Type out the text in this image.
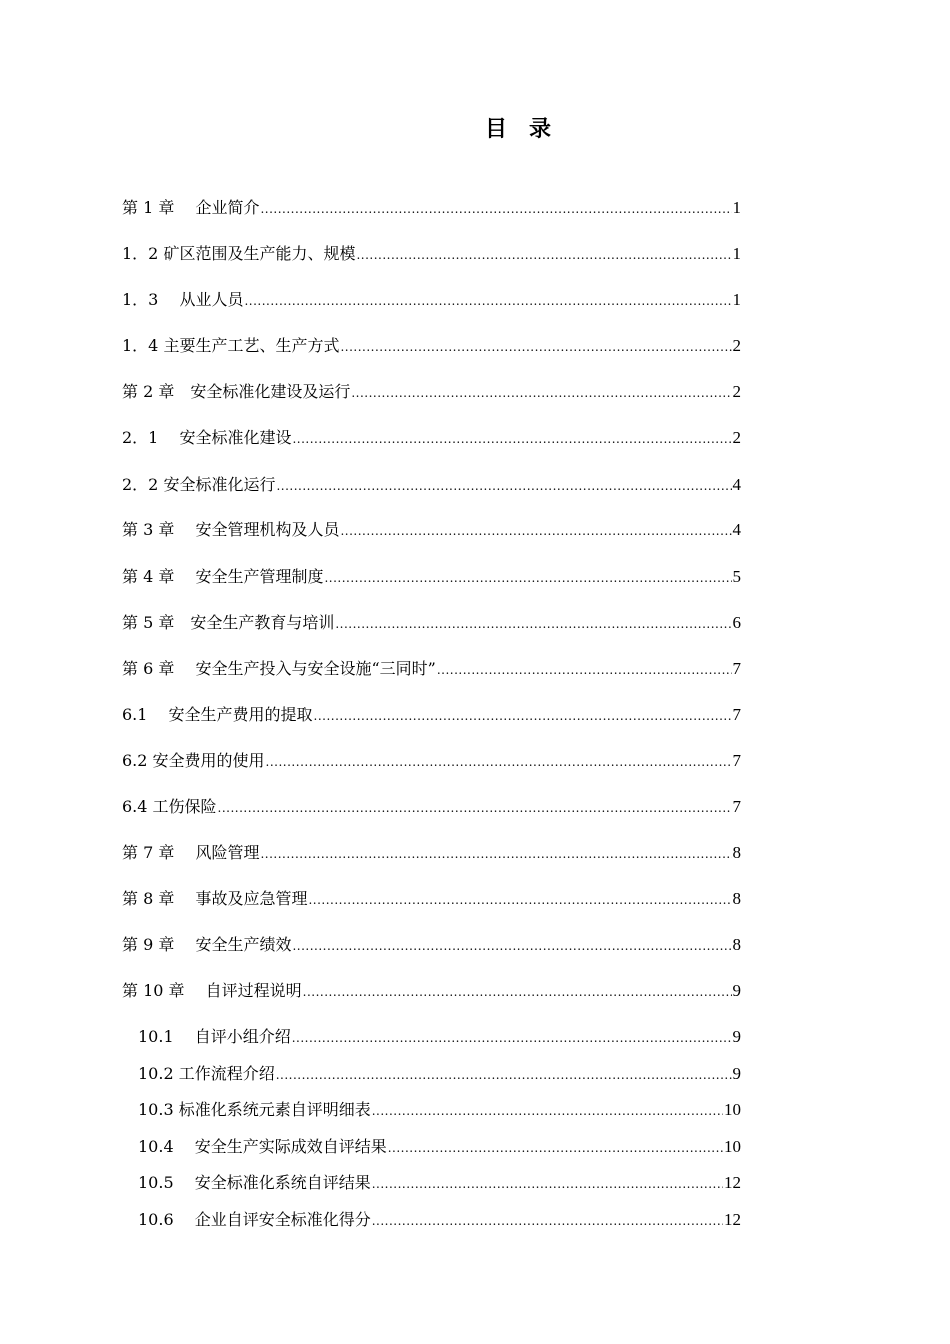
目　录
第 1 章　 企业简介 .....	1
1．2 矿区范围及生产能力、规模 .....	1
1．3　 从业人员 .....	1
1．4 主要生产工艺、生产方式 .....	2
第 2 章　安全标准化建设及运行 .....	2
2．1　 安全标准化建设 .....	2
2．2 安全标准化运行 .....	4
第 3 章　 安全管理机构及人员 .....	4
第 4 章　 安全生产管理制度 .....	5
第 5 章　安全生产教育与培训 .....	6
第 6 章　 安全生产投入与安全设施“三同时” .....	7
6.1　 安全生产费用的提取 .....	7
6.2 安全费用的使用 .....	7
6.4 工伤保险 .....	7
第 7 章　 风险管理 .....	8
第 8 章　 事故及应急管理 .....	8
第 9 章　 安全生产绩效 .....	8
第 10 章　 自评过程说明 .....	9
10.1　 自评小组介绍 .....	9
10.2 工作流程介绍 .....	9
10.3 标准化系统元素自评明细表 .....	10
10.4　 安全生产实际成效自评结果 .....	10
10.5　 安全标准化系统自评结果 .....	12
10.6　 企业自评安全标准化得分 .....	12
